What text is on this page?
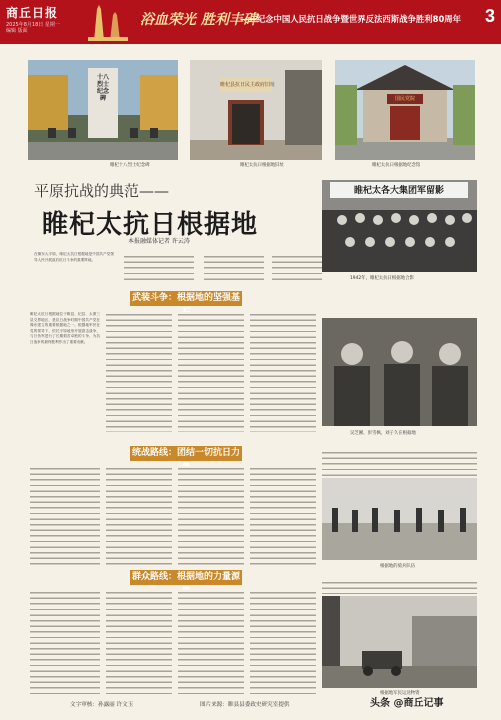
商丘日报
2025年8月18日 星期一
编辑 版面
浴血荣光 胜利丰碑
——纪念中国人民抗日战争暨世界反法西斯战争胜利80周年 3
十八烈士纪念碑
睢杞十八烈士纪念碑
睢杞县抗日民主政府旧址
睢杞太抗日根据地旧址
国民党院
睢杞太抗日根据地纪念馆
平原抗战的典范——
睢杞太抗日根据地
本报融媒体记者 许云涛
在豫东大平原，睢杞太抗日根据地是中国共产党领导人民开展敌后抗日斗争的重要阵地。
睢杞太各大集团军留影
1942年，睢杞太抗日根据地合影
武装斗争：根据地的坚强基
睢杞太抗日根据地位于睢县、杞县、太康三县交界地区，是抗日战争时期中国共产党在豫东建立的重要根据地之一。根据地军民在党的领导下，依托平原地形开展游击战争，与日伪军进行了长期艰苦卓绝的斗争，为抗日战争的最终胜利作出了重要贡献。
吴芝圃、彭雪枫、刘子久在根据地
统战路线：团结一切抗日力
根据地的骑兵队伍
群众路线：根据地的力量源
根据地军民运送物资
文字审核：孙露丽 许文玉	图片来源：睢县县委政史研究室提供	头条 @商丘记事
